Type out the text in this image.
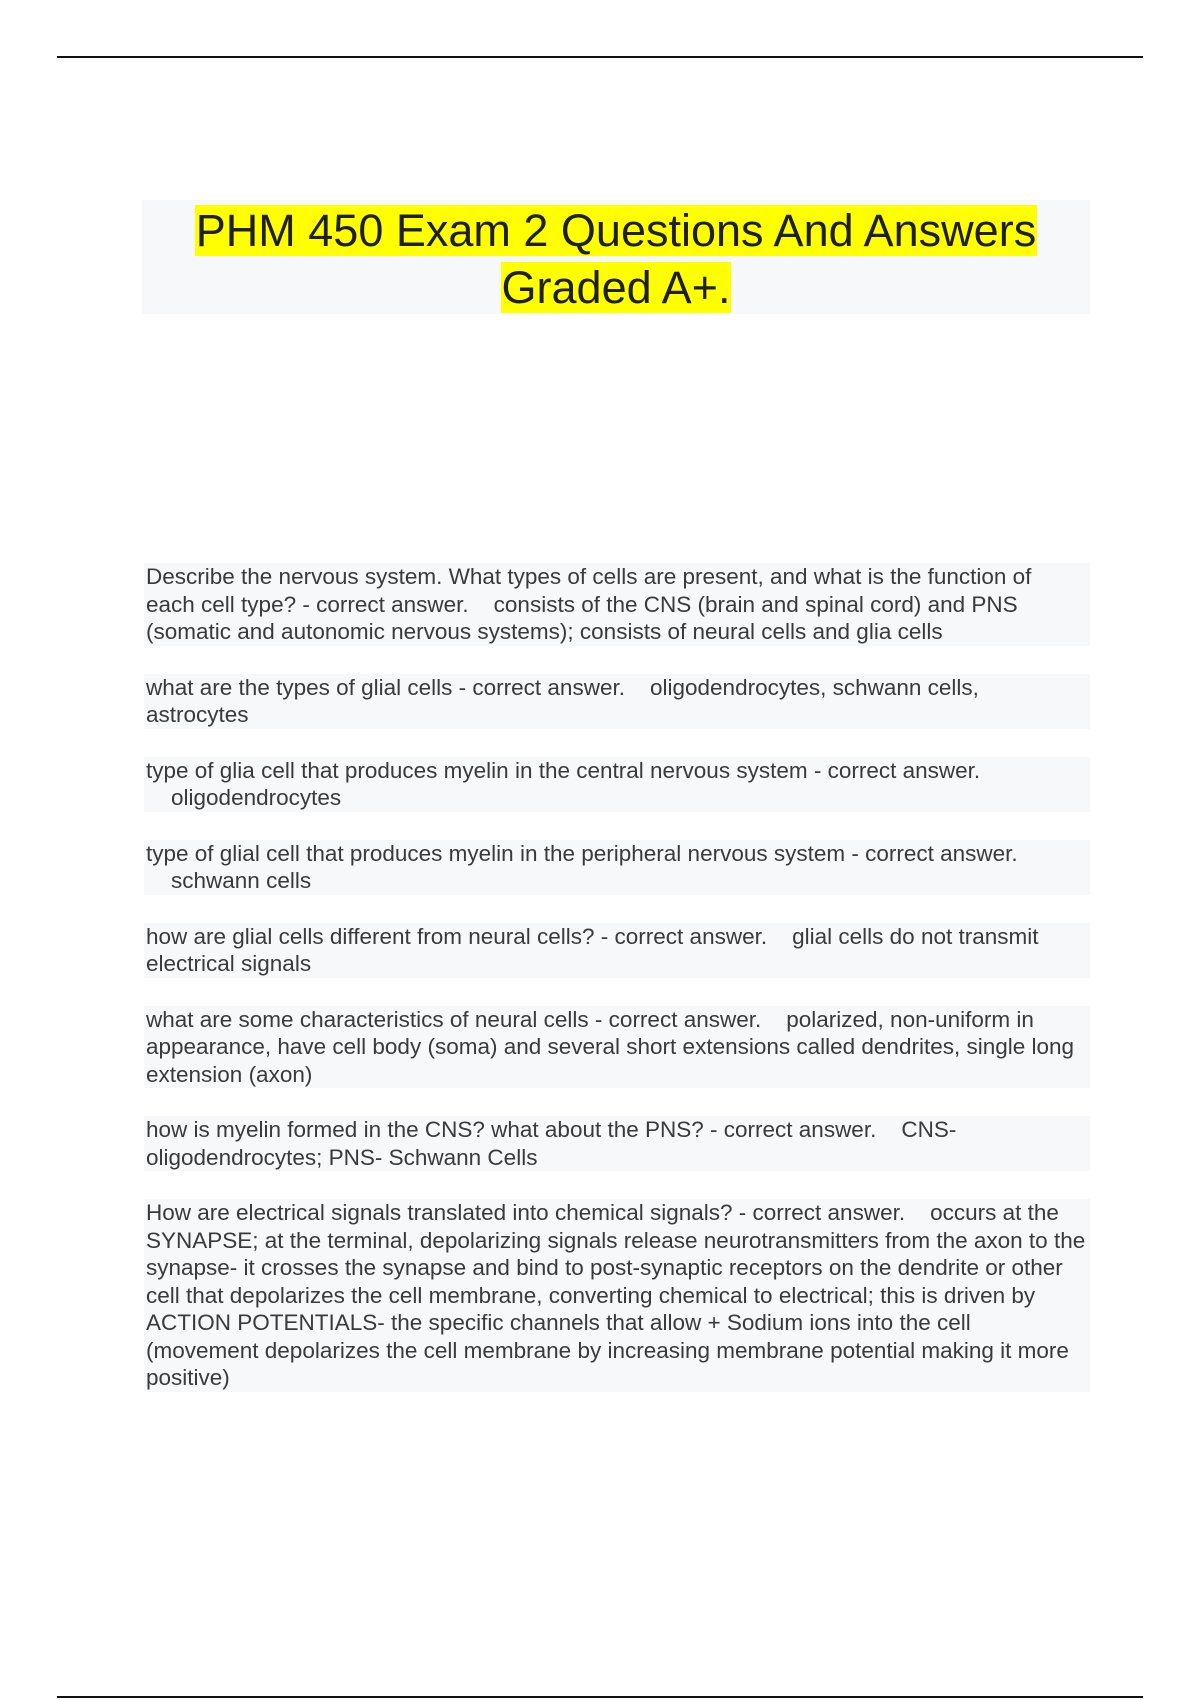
PHM 450 Exam 2 Questions And Answers
Graded A+.
Describe the nervous system. What types of cells are present, and what is the function of each cell type? - correct answer. consists of the CNS (brain and spinal cord) and PNS (somatic and autonomic nervous systems); consists of neural cells and glia cells
what are the types of glial cells - correct answer. oligodendrocytes, schwann cells, astrocytes
type of glia cell that produces myelin in the central nervous system - correct answer.    oligodendrocytes
type of glial cell that produces myelin in the peripheral nervous system - correct answer.    schwann cells
how are glial cells different from neural cells? - correct answer. glial cells do not transmit electrical signals
what are some characteristics of neural cells - correct answer. polarized, non-uniform in appearance, have cell body (soma) and several short extensions called dendrites, single long extension (axon)
how is myelin formed in the CNS? what about the PNS? - correct answer. CNS-oligodendrocytes; PNS- Schwann Cells
How are electrical signals translated into chemical signals? - correct answer. occurs at the SYNAPSE; at the terminal, depolarizing signals release neurotransmitters from the axon to the synapse- it crosses the synapse and bind to post-synaptic receptors on the dendrite or other cell that depolarizes the cell membrane, converting chemical to electrical; this is driven by ACTION POTENTIALS- the specific channels that allow + Sodium ions into the cell (movement depolarizes the cell membrane by increasing membrane potential making it more positive)
